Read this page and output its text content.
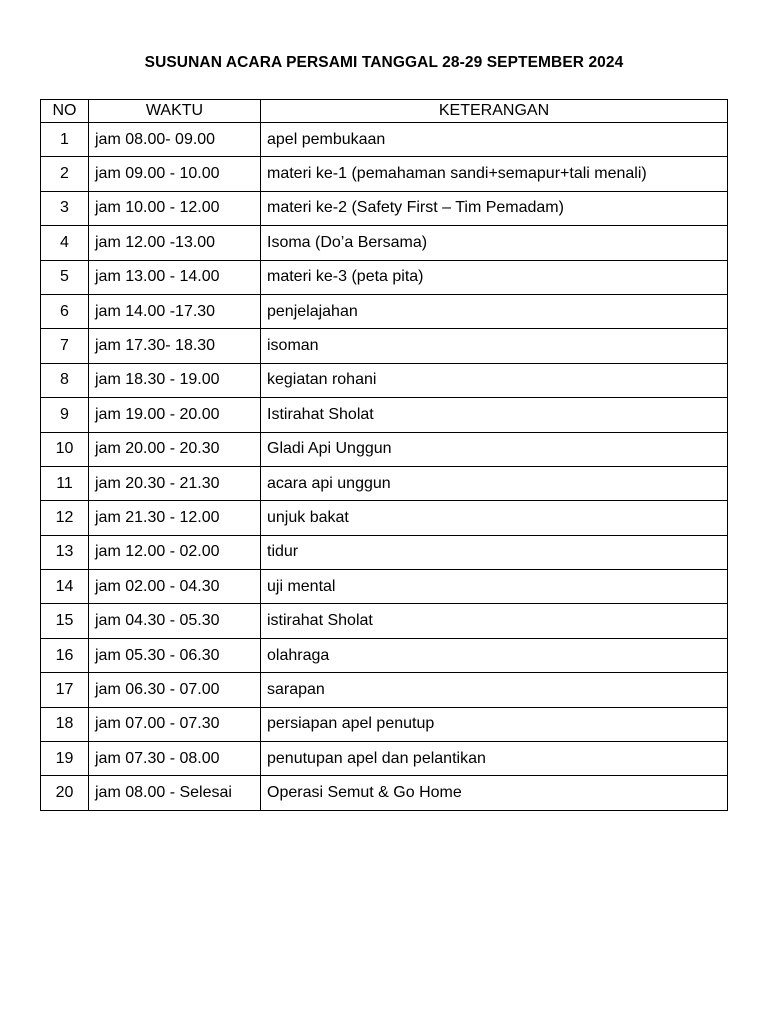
SUSUNAN ACARA PERSAMI TANGGAL 28-29 SEPTEMBER 2024
NO	WAKTU	KETERANGAN
1	jam 08.00- 09.00	apel pembukaan
2	jam 09.00 - 10.00	materi ke-1 (pemahaman sandi+semapur+tali menali)
3	jam 10.00 - 12.00	materi ke-2 (Safety First – Tim Pemadam)
4	jam 12.00 -13.00	Isoma (Do’a Bersama)
5	jam 13.00 - 14.00	materi ke-3 (peta pita)
6	jam 14.00 -17.30	penjelajahan
7	jam 17.30- 18.30	isoman
8	jam 18.30 - 19.00	kegiatan rohani
9	jam 19.00 - 20.00	Istirahat Sholat
10	jam 20.00 - 20.30	Gladi Api Unggun
11	jam 20.30 - 21.30	acara api unggun
12	jam 21.30 - 12.00	unjuk bakat
13	jam 12.00 - 02.00	tidur
14	jam 02.00 - 04.30	uji mental
15	jam 04.30 - 05.30	istirahat Sholat
16	jam 05.30 - 06.30	olahraga
17	jam 06.30 - 07.00	sarapan
18	jam 07.00 - 07.30	persiapan apel penutup
19	jam 07.30 - 08.00	penutupan apel dan pelantikan
20	jam 08.00 - Selesai	Operasi Semut & Go Home
